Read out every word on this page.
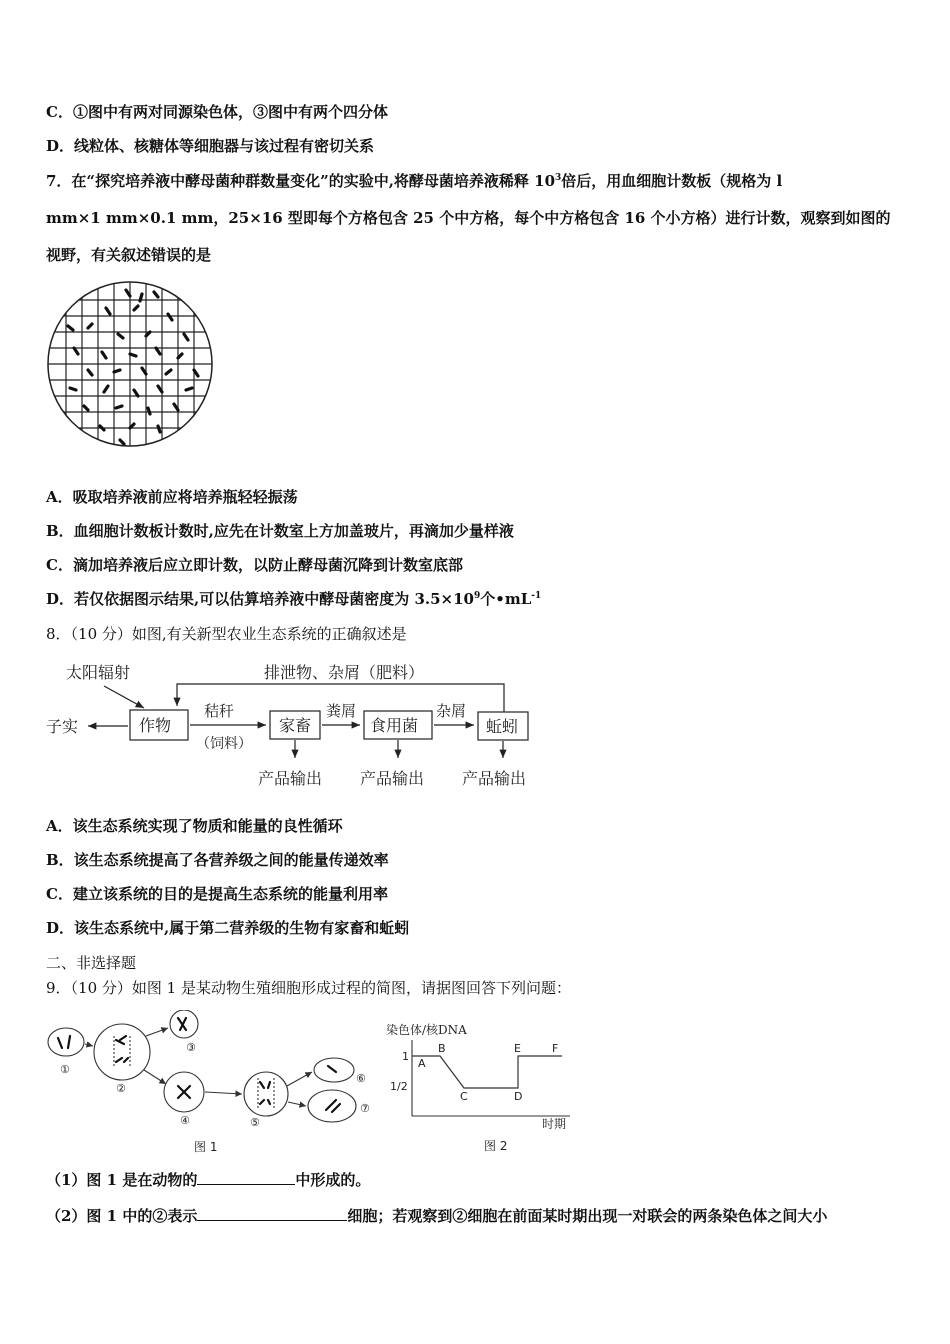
C．①图中有两对同源染色体，③图中有两个四分体
D．线粒体、核糖体等细胞器与该过程有密切关系
7．在“探究培养液中酵母菌种群数量变化”的实验中,将酵母菌培养液稀释 $10^3$倍后，用血细胞计数板（规格为 l
mm×1 mm×0.1 mm，25×16 型即每个方格包含 25 个中方格，每个中方格包含 16 个小方格）进行计数，观察到如图的
视野，有关叙述错误的是
A．吸取培养液前应将培养瓶轻轻振荡
B．血细胞计数板计数时,应先在计数室上方加盖玻片，再滴加少量样液
C．滴加培养液后应立即计数，以防止酵母菌沉降到计数室底部
D．若仅依据图示结果,可以估算培养液中酵母菌密度为 $3.5\times 10^9$个$•mL^{-1}$
8．（10 分）如图,有关新型农业生态系统的正确叙述是
太阳辐射	排泄物、杂屑（肥料）
子实	作物
秸秆
（饲料）
家畜
粪屑
食用菌
杂屑
蚯蚓
产品输出 产品输出 产品输出
A．该生态系统实现了物质和能量的良性循环
B．该生态系统提高了各营养级之间的能量传递效率
C．建立该系统的目的是提高生态系统的能量利用率
D．该生态系统中,属于第二营养级的生物有家畜和蚯蚓
二、非选择题
9．（10 分）如图 1 是某动物生殖细胞形成过程的简图，请据图回答下列问题：
①
②
③
④	⑤
⑥
⑦
图 1
染色体/核DNA
1
1/2
A
B
C	D
E	F
时期
图 2
（1）图 1 是在动物的	中形成的。
（2）图 1 中的②表示	细胞；若观察到②细胞在前面某时期出现一对联会的两条染色体之间大小
